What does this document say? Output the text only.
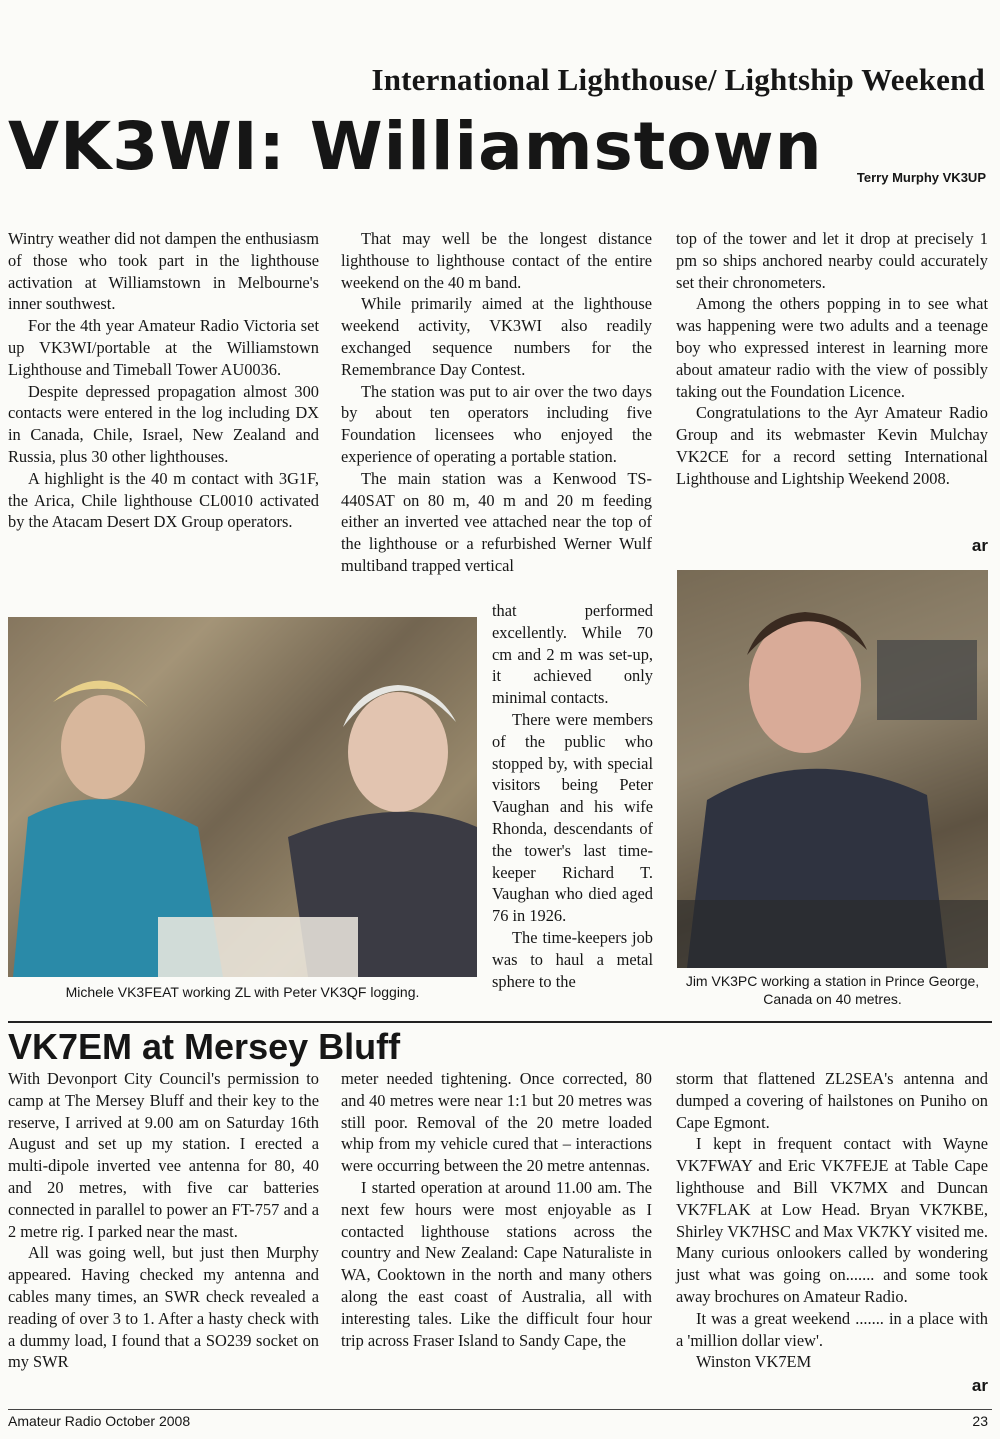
International Lighthouse/ Lightship Weekend
VK3WI: Williamstown	Terry Murphy VK3UP

Wintry weather did not dampen the enthusiasm of those who took part in the lighthouse activation at Williamstown in Melbourne's inner southwest.

For the 4th year Amateur Radio Victoria set up VK3WI/portable at the Williamstown Lighthouse and Timeball Tower AU0036.

Despite depressed propagation almost 300 contacts were entered in the log including DX in Canada, Chile, Israel, New Zealand and Russia, plus 30 other lighthouses.

A highlight is the 40 m contact with 3G1F, the Arica, Chile lighthouse CL0010 activated by the Atacam Desert DX Group operators.

That may well be the longest distance lighthouse to lighthouse contact of the entire weekend on the 40 m band.

While primarily aimed at the lighthouse weekend activity, VK3WI also readily exchanged sequence numbers for the Remembrance Day Contest.

The station was put to air over the two days by about ten operators including five Foundation licensees who enjoyed the experience of operating a portable station.

The main station was a Kenwood TS-440SAT on 80 m, 40 m and 20 m feeding either an inverted vee attached near the top of the lighthouse or a refurbished Werner Wulf multiband trapped vertical

that performed excellently. While 70 cm and 2 m was set-up, it achieved only minimal contacts.

There were members of the public who stopped by, with special visitors being Peter Vaughan and his wife Rhonda, descendants of the tower's last time-keeper Richard T. Vaughan who died aged 76 in 1926.

The time-keepers job was to haul a metal sphere to the

top of the tower and let it drop at precisely 1 pm so ships anchored nearby could accurately set their chronometers.

Among the others popping in to see what was happening were two adults and a teenage boy who expressed interest in learning more about amateur radio with the view of possibly taking out the Foundation Licence.

Congratulations to the Ayr Amateur Radio Group and its webmaster Kevin Mulchay VK2CE for a record setting International Lighthouse and Lightship Weekend 2008.

ar
Michele VK3FEAT working ZL with Peter VK3QF logging.
Jim VK3PC working a station in Prince George, Canada on 40 metres.
VK7EM at Mersey Bluff

With Devonport City Council's permission to camp at The Mersey Bluff and their key to the reserve, I arrived at 9.00 am on Saturday 16th August and set up my station. I erected a multi-dipole inverted vee antenna for 80, 40 and 20 metres, with five car batteries connected in parallel to power an FT-757 and a 2 metre rig. I parked near the mast.

All was going well, but just then Murphy appeared. Having checked my antenna and cables many times, an SWR check revealed a reading of over 3 to 1. After a hasty check with a dummy load, I found that a SO239 socket on my SWR

meter needed tightening. Once corrected, 80 and 40 metres were near 1:1 but 20 metres was still poor. Removal of the 20 metre loaded whip from my vehicle cured that – interactions were occurring between the 20 metre antennas.

I started operation at around 11.00 am. The next few hours were most enjoyable as I contacted lighthouse stations across the country and New Zealand: Cape Naturaliste in WA, Cooktown in the north and many others along the east coast of Australia, all with interesting tales. Like the difficult four hour trip across Fraser Island to Sandy Cape, the

storm that flattened ZL2SEA's antenna and dumped a covering of hailstones on Puniho on Cape Egmont.

I kept in frequent contact with Wayne VK7FWAY and Eric VK7FEJE at Table Cape lighthouse and Bill VK7MX and Duncan VK7FLAK at Low Head. Bryan VK7KBE, Shirley VK7HSC and Max VK7KY visited me. Many curious onlookers called by wondering just what was going on....... and some took away brochures on Amateur Radio.

It was a great weekend ....... in a place with a 'million dollar view'.

Winston VK7EM

ar
Amateur Radio October 2008	23
